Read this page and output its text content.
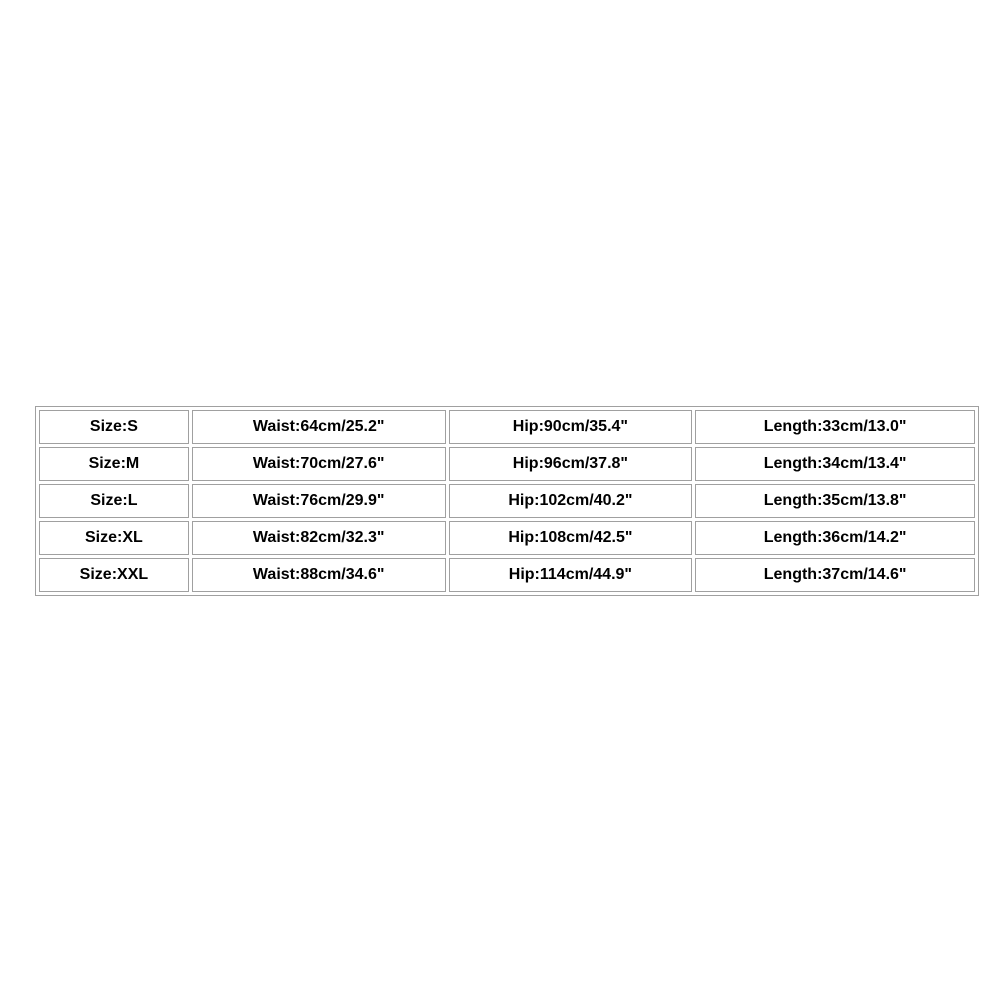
Size:S	Waist:64cm/25.2"	Hip:90cm/35.4"	Length:33cm/13.0"
Size:M	Waist:70cm/27.6"	Hip:96cm/37.8"	Length:34cm/13.4"
Size:L	Waist:76cm/29.9"	Hip:102cm/40.2"	Length:35cm/13.8"
Size:XL	Waist:82cm/32.3"	Hip:108cm/42.5"	Length:36cm/14.2"
Size:XXL	Waist:88cm/34.6"	Hip:114cm/44.9"	Length:37cm/14.6"
